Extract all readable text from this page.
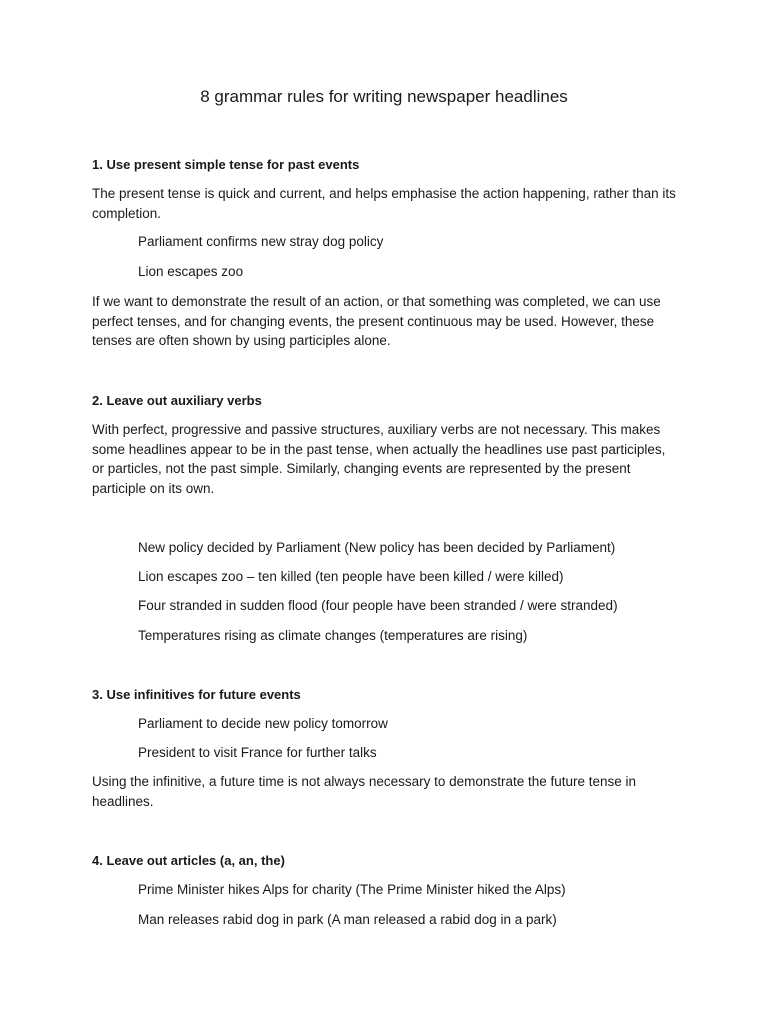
8 grammar rules for writing newspaper headlines

1. Use present simple tense for past events

The present tense is quick and current, and helps emphasise the action happening, rather than its completion.

Parliament confirms new stray dog policy

Lion escapes zoo

If we want to demonstrate the result of an action, or that something was completed, we can use perfect tenses, and for changing events, the present continuous may be used. However, these tenses are often shown by using participles alone.

2. Leave out auxiliary verbs

With perfect, progressive and passive structures, auxiliary verbs are not necessary. This makes some headlines appear to be in the past tense, when actually the headlines use past participles, or particles, not the past simple. Similarly, changing events are represented by the present participle on its own.

New policy decided by Parliament (New policy has been decided by Parliament)

Lion escapes zoo – ten killed (ten people have been killed / were killed)

Four stranded in sudden flood (four people have been stranded / were stranded)

Temperatures rising as climate changes (temperatures are rising)

3. Use infinitives for future events

Parliament to decide new policy tomorrow

President to visit France for further talks

Using the infinitive, a future time is not always necessary to demonstrate the future tense in headlines.

4. Leave out articles (a, an, the)

Prime Minister hikes Alps for charity (The Prime Minister hiked the Alps)

Man releases rabid dog in park (A man released a rabid dog in a park)
